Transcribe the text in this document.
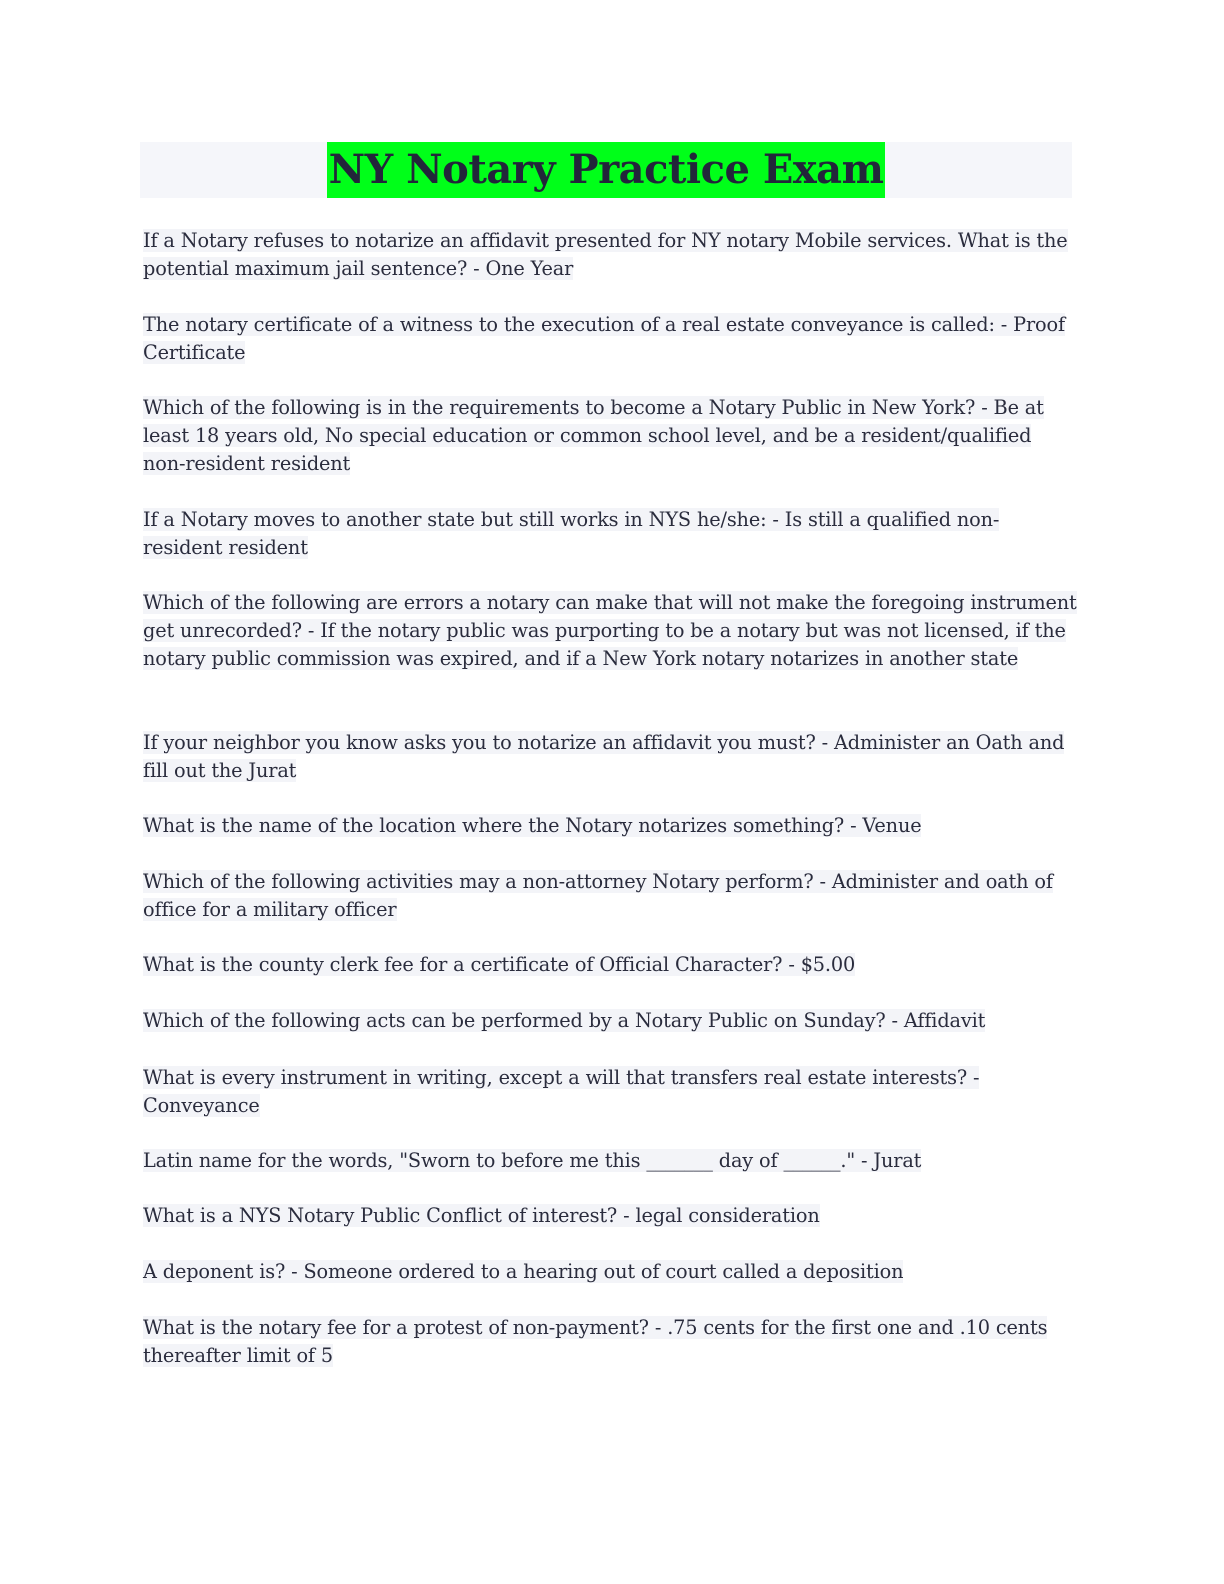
NY Notary Practice Exam

If a Notary refuses to notarize an affidavit presented for NY notary Mobile services. What is the potential maximum jail sentence? - One Year

The notary certificate of a witness to the execution of a real estate conveyance is called: - Proof Certificate

Which of the following is in the requirements to become a Notary Public in New York? - Be at least 18 years old, No special education or common school level, and be a resident/qualified non-resident resident

If a Notary moves to another state but still works in NYS he/she: - Is still a qualified non-resident resident

Which of the following are errors a notary can make that will not make the foregoing instrument get unrecorded? - If the notary public was purporting to be a notary but was not licensed, if the notary public commission was expired, and if a New York notary notarizes in another state

If your neighbor you know asks you to notarize an affidavit you must? - Administer an Oath and fill out the Jurat

What is the name of the location where the Notary notarizes something? - Venue

Which of the following activities may a non-attorney Notary perform? - Administer and oath of office for a military officer

What is the county clerk fee for a certificate of Official Character? - $5.00

Which of the following acts can be performed by a Notary Public on Sunday? - Affidavit

What is every instrument in writing, except a will that transfers real estate interests? - Conveyance

Latin name for the words, "Sworn to before me this _______ day of ______." - Jurat

What is a NYS Notary Public Conflict of interest? - legal consideration

A deponent is? - Someone ordered to a hearing out of court called a deposition

What is the notary fee for a protest of non-payment? - .75 cents for the first one and .10 cents thereafter limit of 5
